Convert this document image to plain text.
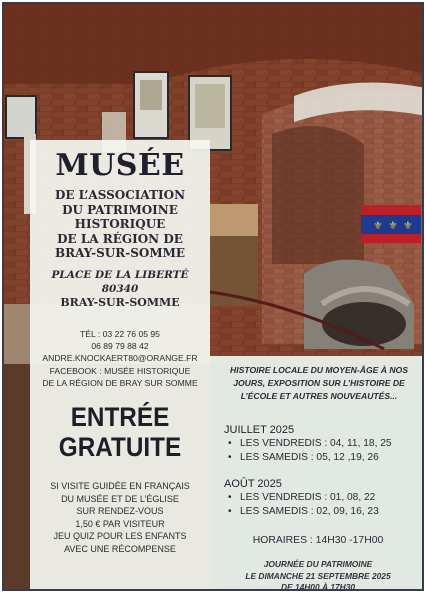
⚜ ⚜ ⚜
MUSÉE
DE L’ASSOCIATION
DU PATRIMOINE
HISTORIQUE
DE LA RÉGION DE
BRAY-SUR-SOMME
PLACE DE LA LIBERTÉ
80340
BRAY-SUR-SOMME
TÉL : 03 22 76 05 95
06 89 79 88 42
ANDRE.KNOCKAERT80@ORANGE.FR
FACEBOOK : MUSÉE HISTORIQUE
DE LA RÉGION DE BRAY SUR SOMME
ENTRÉE
GRATUITE
SI VISITE GUIDÉE EN FRANÇAIS
DU MUSÉE ET DE L’ÉGLISE
SUR RENDEZ-VOUS
1,50 € PAR VISITEUR
JEU QUIZ POUR LES ENFANTS
AVEC UNE RÉCOMPENSE
NE PAS JETER SUR LA VOIE PUBLIQUE -IPNS-
HISTOIRE LOCALE DU MOYEN-ÂGE À NOS
JOURS, EXPOSITION SUR L’HISTOIRE DE
L’ÉCOLE ET AUTRES NOUVEAUTÉS...
JUILLET 2025
• LES VENDREDIS : 04, 11, 18, 25
• LES SAMEDIS : 05, 12 ,19, 26
AOÛT 2025
• LES VENDREDIS : 01, 08, 22
• LES SAMEDIS : 02, 09, 16, 23
HORAIRES : 14H30 -17H00
JOURNÉE DU PATRIMOINE
LE DIMANCHE 21 SEPTEMBRE 2025
DE 14H00 À 17H30
